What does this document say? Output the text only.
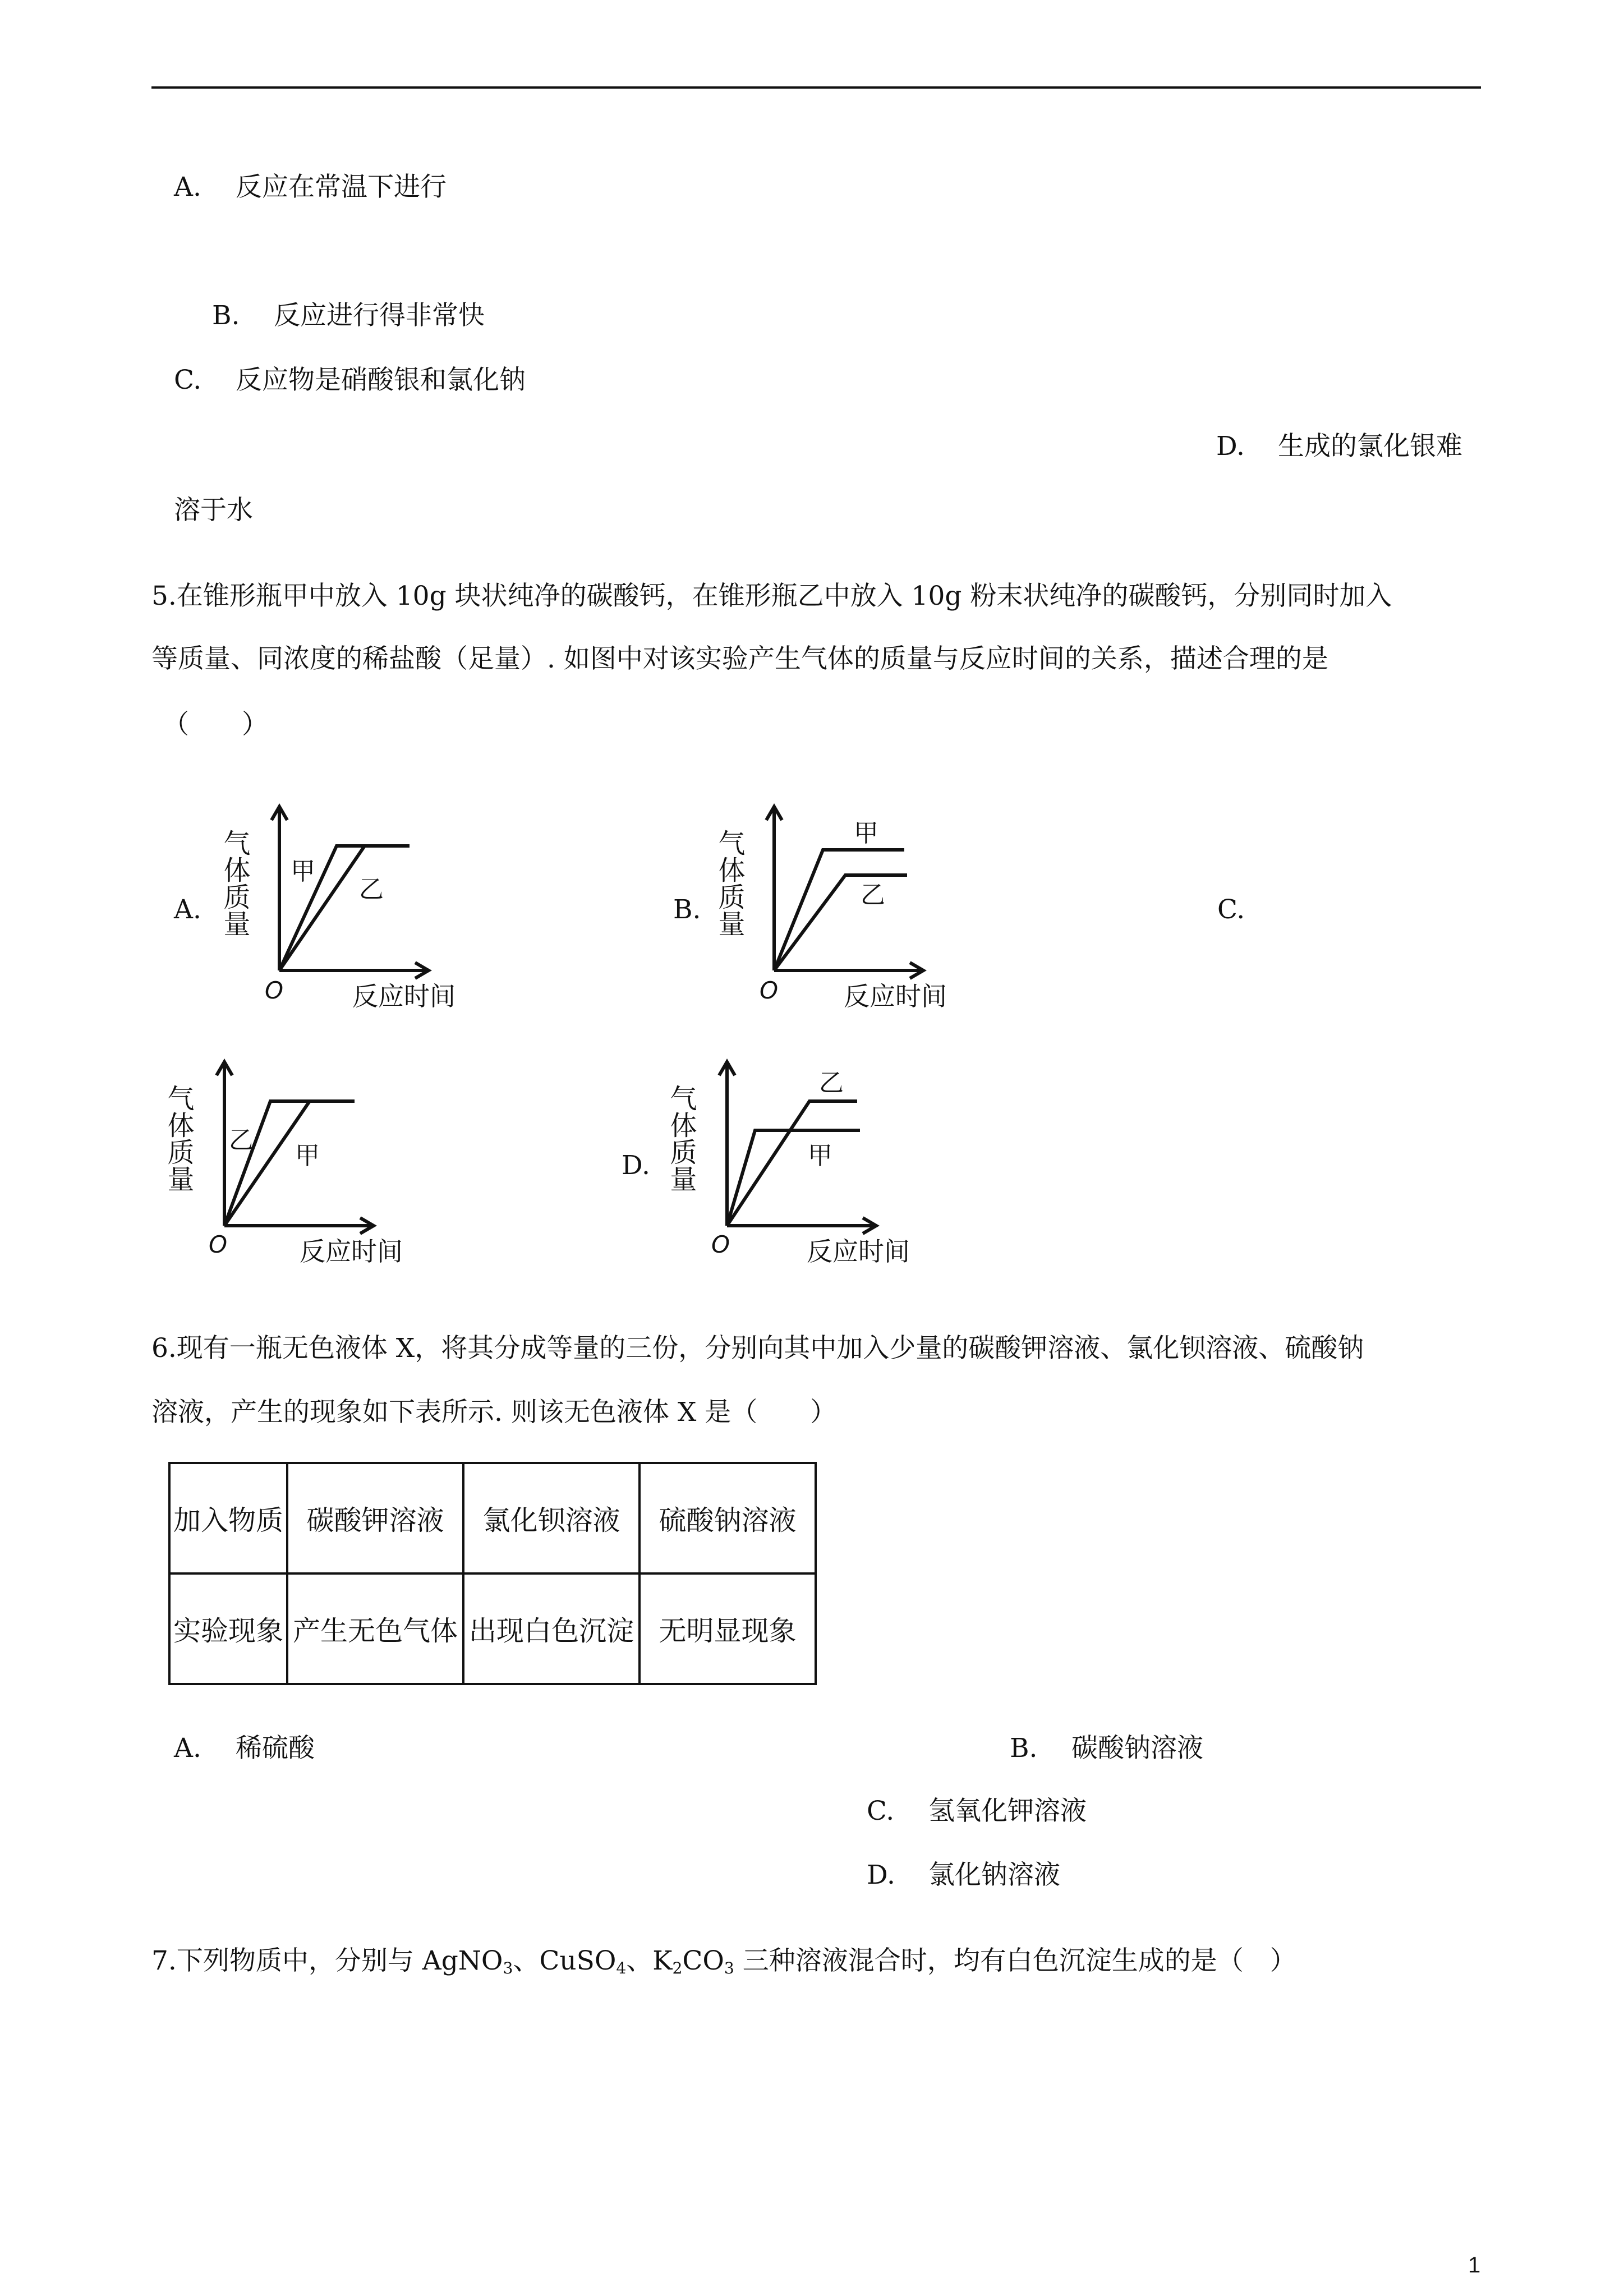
A. 反应在常温下进行
B. 反应进行得非常快
C. 反应物是硝酸银和氯化钠
D. 生成的氯化银难
溶于水
5.在锥形瓶甲中放入 10g 块状纯净的碳酸钙，在锥形瓶乙中放入 10g 粉末状纯净的碳酸钙，分别同时加入
等质量、同浓度的稀盐酸（足量）. 如图中对该实验产生气体的质量与反应时间的关系，描述合理的是
（　　）
A.	B.	C.
D.
气体质量 甲
乙
O	反应时间
气体质量	甲
乙
O	反应时间
气体质量 乙
甲
O	反应时间
气体质量
乙
甲
O	反应时间
6.现有一瓶无色液体 X，将其分成等量的三份，分别向其中加入少量的碳酸钾溶液、氯化钡溶液、硫酸钠
溶液，产生的现象如下表所示. 则该无色液体 X 是（　　）
加入物质	碳酸钾溶液	氯化钡溶液	硫酸钠溶液
实验现象	产生无色气体	出现白色沉淀	无明显现象
A. 稀硫酸	B. 碳酸钠溶液
C. 氢氧化钾溶液
D. 氯化钠溶液
7.下列物质中，分别与 AgNO$_3$、CuSO$_4$、$K_2CO_3$ 三种溶液混合时，均有白色沉淀生成的是（　）
1
